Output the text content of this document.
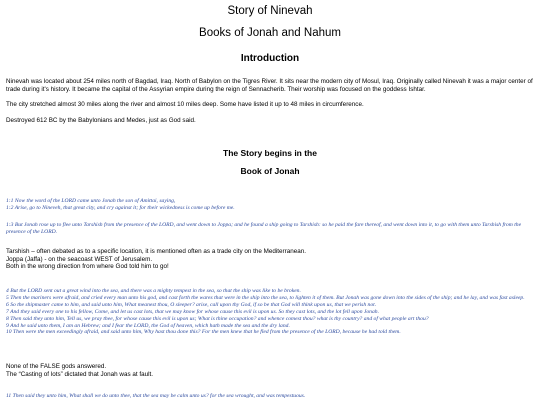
Story of Ninevah
Books of Jonah and Nahum
Introduction
Ninevah was located about 254 miles north of Bagdad, Iraq. North of Babylon on the Tigres River. It sits near the modern city of Mosul, Iraq. Originally called Ninevah it was a major center of trade during it's history. It became the capital of the Assyrian empire during the reign of Sennacherib. Their worship was focused on the goddess Ishtar.
The city stretched almost 30 miles along the river and almost 10 miles deep. Some have listed it up to 48 miles in circumference.
Destroyed 612 BC by the Babylonians and Medes, just as God said.
The Story begins in the
Book of Jonah
1:1 Now the word of the LORD came unto Jonah the son of Amittai, saying,
1:2 Arise, go to Nineveh, that great city, and cry against it; for their wickedness is come up before me.
1:3 But Jonah rose up to flee unto Tarshish from the presence of the LORD, and went down to Joppa; and he found a ship going to Tarshish: so he paid the fare thereof, and went down into it, to go with them unto Tarshish from the presence of the LORD.
Tarshish – often debated as to a specific location, it is mentioned often as a trade city on the Mediterranean.
Joppa (Jaffa) - on the seacoast WEST of Jerusalem.
Both in the wrong direction from where God told him to go!
4 But the LORD sent out a great wind into the sea, and there was a mighty tempest in the sea, so that the ship was like to be broken.
5 Then the mariners were afraid, and cried every man unto his god, and cast forth the wares that were in the ship into the sea, to lighten it of them. But Jonah was gone down into the sides of the ship; and he lay, and was fast asleep.
6 So the shipmaster came to him, and said unto him, What meanest thou, O sleeper? arise, call upon thy God, if so be that God will think upon us, that we perish not.
7 And they said every one to his fellow, Come, and let us cast lots, that we may know for whose cause this evil is upon us. So they cast lots, and the lot fell upon Jonah.
8 Then said they unto him, Tell us, we pray thee, for whose cause this evil is upon us; What is thine occupation? and whence comest thou? what is thy country? and of what people art thou?
9 And he said unto them, I am an Hebrew; and I fear the LORD, the God of heaven, which hath made the sea and the dry land.
10 Then were the men exceedingly afraid, and said unto him, Why hast thou done this? For the men knew that he fled from the presence of the LORD, because he had told them.
None of the FALSE gods answered.
The “Casting of lots” dictated that Jonah was at fault.
11 Then said they unto him, What shall we do unto thee, that the sea may be calm unto us? for the sea wrought, and was tempestuous.
